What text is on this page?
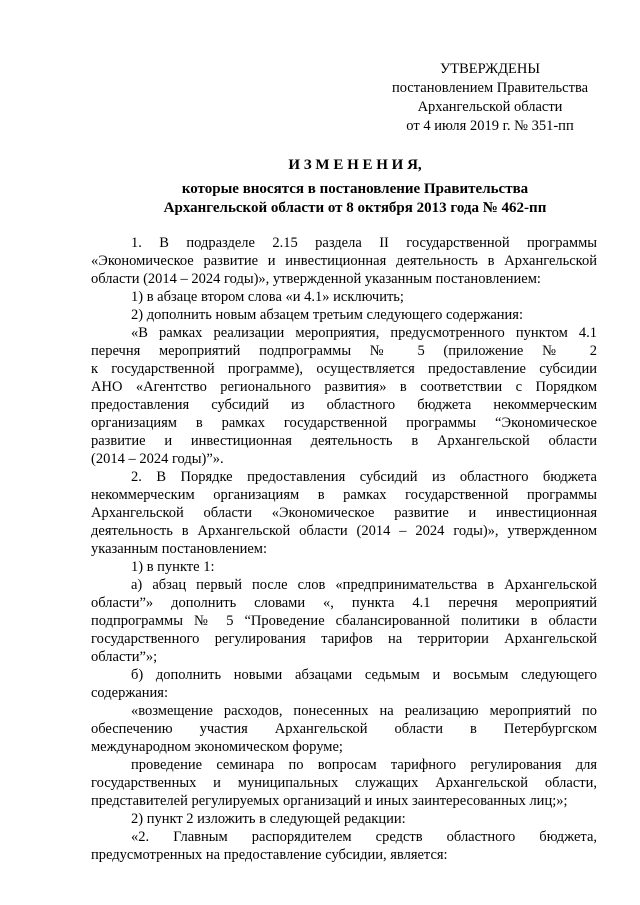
УТВЕРЖДЕНЫ
постановлением Правительства
Архангельской области
от 4 июля 2019 г. № 351-пп
И З М Е Н Е Н И Я,
которые вносятся в постановление Правительства
Архангельской области от 8 октября 2013 года № 462-пп
1. В подразделе 2.15 раздела II государственной программы
«Экономическое развитие и инвестиционная деятельность в Архангельской
области (2014 – 2024 годы)», утвержденной указанным постановлением:
1) в абзаце втором слова «и 4.1» исключить;
2) дополнить новым абзацем третьим следующего содержания:
«В рамках реализации мероприятия, предусмотренного пунктом 4.1
перечня мероприятий подпрограммы № 5 (приложение № 2
к государственной программе), осуществляется предоставление субсидии
АНО «Агентство регионального развития» в соответствии с Порядком
предоставления субсидий из областного бюджета некоммерческим
организациям в рамках государственной программы “Экономическое
развитие и инвестиционная деятельность в Архангельской области
(2014 – 2024 годы)”».
2. В Порядке предоставления субсидий из областного бюджета
некоммерческим организациям в рамках государственной программы
Архангельской области «Экономическое развитие и инвестиционная
деятельность в Архангельской области (2014 – 2024 годы)», утвержденном
указанным постановлением:
1) в пункте 1:
а) абзац первый после слов «предпринимательства в Архангельской
области”» дополнить словами «, пункта 4.1 перечня мероприятий
подпрограммы № 5 “Проведение сбалансированной политики в области
государственного регулирования тарифов на территории Архангельской
области”»;
б) дополнить новыми абзацами седьмым и восьмым следующего
содержания:
«возмещение расходов, понесенных на реализацию мероприятий по
обеспечению участия Архангельской области в Петербургском
международном экономическом форуме;
проведение семинара по вопросам тарифного регулирования для
государственных и муниципальных служащих Архангельской области,
представителей регулируемых организаций и иных заинтересованных лиц;»;
2) пункт 2 изложить в следующей редакции:
«2. Главным распорядителем средств областного бюджета,
предусмотренных на предоставление субсидии, является:
